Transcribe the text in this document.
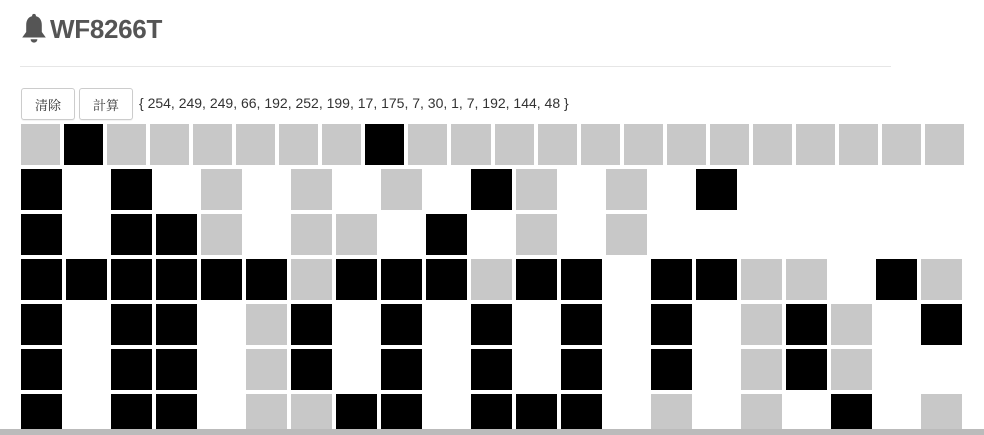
WF8266T
清除	計算	{ 254, 249, 249, 66, 192, 252, 199, 17, 175, 7, 30, 1, 7, 192, 144, 48 }
